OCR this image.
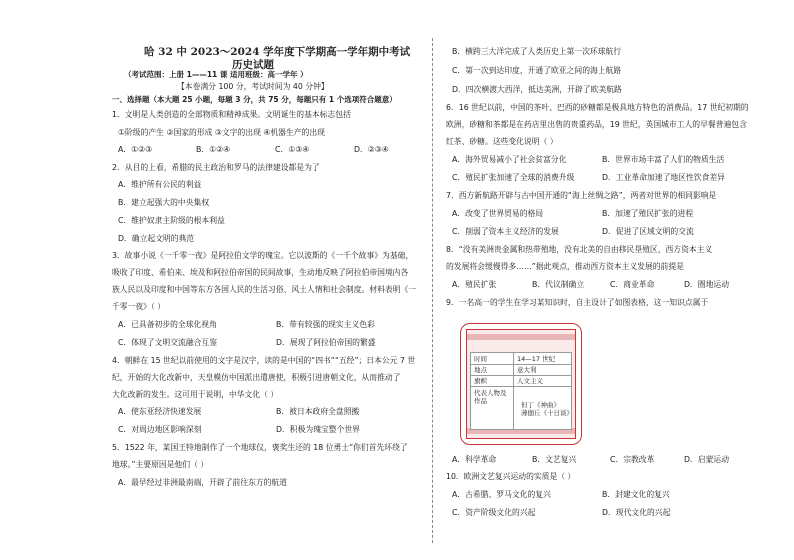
哈 32 中 2023～2024 学年度下学期高一学年期中考试
历史试题
（考试范围：上册 1——11 课 适用班级：高一学年 ）
【本卷满分 100 分，考试时间为 40 分钟】
一、选择题（本大题 25 小题，每题 3 分，共 75 分，每题只有 1 个选项符合题意）
1．文明是人类创造的全部物质和精神成果。文明诞生的基本标志包括
①阶级的产生 ②国家的形成 ③文字的出现 ④机器生产的出现
A．①②③	B．①②④	C．①③④	D．②③④
2．从目的上看，希腊的民主政治和罗马的法律建设都是为了
A．维护所有公民的利益
B．建立起强大的中央集权
C．维护奴隶主阶级的根本利益
D．确立起文明的典范
3．故事小说《一千零一夜》是阿拉伯文学的瑰宝。它以波斯的《一千个故事》为基础，
吸收了印度、希伯来、埃及和阿拉伯帝国的民间故事，生动地反映了阿拉伯帝国境内各
族人民以及印度和中国等东方各国人民的生活习俗、风土人情和社会制度。材料表明《一
千零一夜》（ ）
A．已具备初步的全球化视角	B．带有较强的现实主义色彩
C．体现了文明交流融合互鉴	D．展现了阿拉伯帝国的繁盛
4．朝鲜在 15 世纪以前使用的文字是汉字，读的是中国的“四书”“五经”；日本公元 7 世
纪，开始的大化改新中，天皇模仿中国派出遣唐使，积极引进唐朝文化，从而推动了
大化改新的发生。这可用于说明，中华文化（ ）
A．使东亚经济快速发展	B．被日本政府全盘照搬
C．对周边地区影响深刻	D．积极为瑰宝整个世界
5．1522 年，某国王特地制作了一个地球仪，褒奖生还的 18 位勇士“你们首先环绕了
地球。”主要原因是他们（ ）
A．最早经过非洲最南端，开辟了前往东方的航道
B．横跨三大洋完成了人类历史上第一次环球航行
C．第一次到达印度，开通了欧亚之间的海上航路
D．四次横渡大西洋，抵达美洲，开辟了欧美航路
6．16 世纪以前，中国的茶叶、巴西的砂糖都是极具地方特色的消费品。17 世纪初期的
欧洲，砂糖和茶都是在药店里出售的贵重药品，19 世纪，英国城市工人的早餐普遍包含
红茶、砂糖。这些变化说明（ ）
A．海外贸易减小了社会贫富分化	B．世界市场丰富了人们的物质生活
C．殖民扩张加速了全球的消费升级	D．工业革命加速了地区性饮食差异
7．西方新航路开辟与古中国开通的“海上丝绸之路”，两者对世界的相同影响是
A．改变了世界贸易的格局	B．加速了殖民扩张的进程
C．削弱了资本主义经济的发展	D．促进了区域文明的交流
8．“没有美洲贵金属和热带殖地，没有北美的自由移民垦殖区，西方资本主义
的发展将会缓慢得多……”据此观点，推动西方资本主义发展的前提是
A．殖民扩张	B．代议制确立	C．商业革命	D．圈地运动
9．一名高一的学生在学习某知识时，自主设计了如图表格，这一知识点属于
时间	14—17 世纪
地点	意大利
旗帜	人文主义
代表人物及作品	但丁《神曲》
薄伽丘《十日谈》
A．科学革命	B．文艺复兴	C．宗教改革	D．启蒙运动
10．欧洲文艺复兴运动的实质是（ ）
A．古希腊、罗马文化的复兴	B．封建文化的复兴
C．资产阶级文化的兴起	D．现代文化的兴起
